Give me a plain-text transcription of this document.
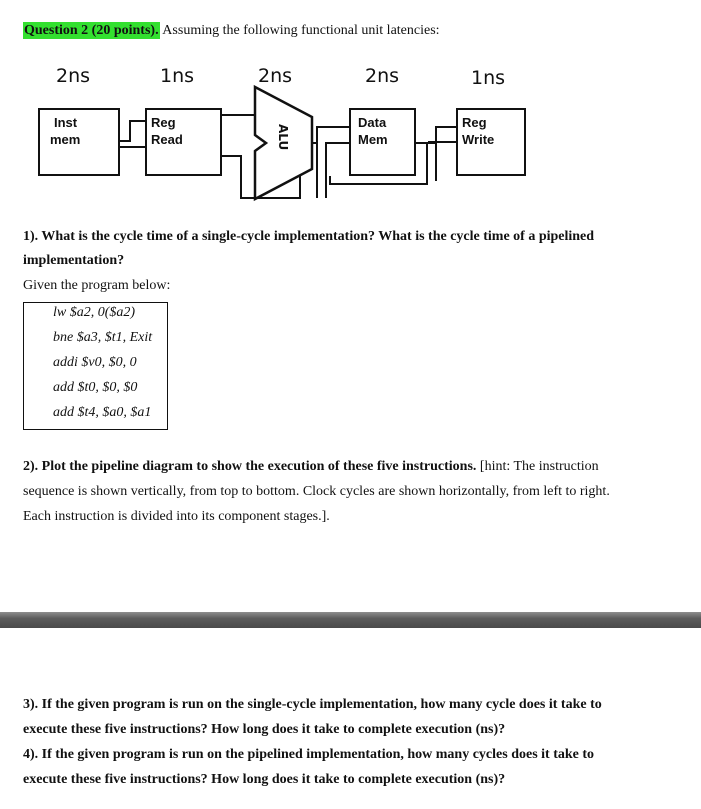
Question 2 (20 points). Assuming the following functional unit latencies:
2ns	1ns	2ns	2ns	1ns
Inst
mem
Reg
Read	ALU
Data
Mem
Reg
Write
1). What is the cycle time of a single-cycle implementation? What is the cycle time of a pipelined
implementation?
Given the program below:
lw $a2, 0($a2)
bne $a3, $t1, Exit
addi $v0, $0, 0
add $t0, $0, $0
add $t4, $a0, $a1
2). Plot the pipeline diagram to show the execution of these five instructions. [hint: The instruction
sequence is shown vertically, from top to bottom. Clock cycles are shown horizontally, from left to right.
Each instruction is divided into its component stages.].
3). If the given program is run on the single-cycle implementation, how many cycle does it take to
execute these five instructions? How long does it take to complete execution (ns)?
4). If the given program is run on the pipelined implementation, how many cycles does it take to
execute these five instructions? How long does it take to complete execution (ns)?
